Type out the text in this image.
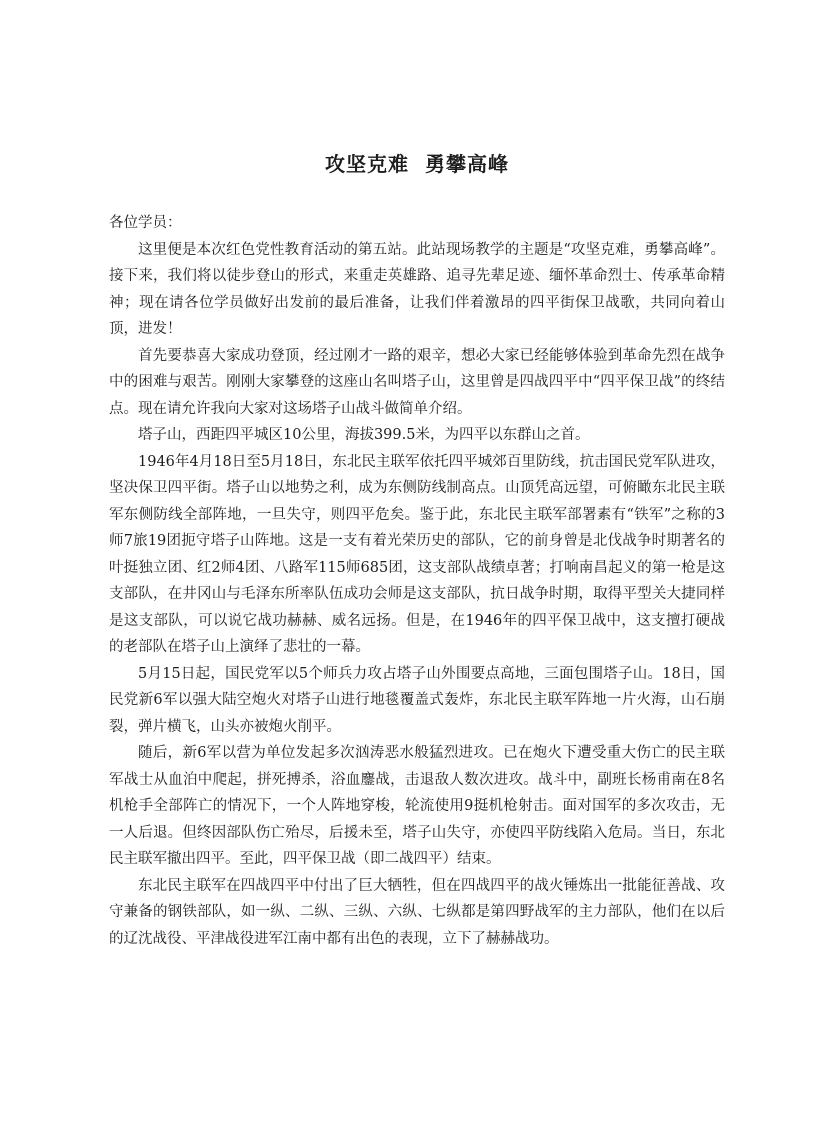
攻坚克难  勇攀高峰

各位学员：

这里便是本次红色党性教育活动的第五站。此站现场教学的主题是“攻坚克难，勇攀高峰”。接下来，我们将以徒步登山的形式，来重走英雄路、追寻先辈足迹、缅怀革命烈士、传承革命精神；现在请各位学员做好出发前的最后准备，让我们伴着激昂的四平街保卫战歌，共同向着山顶，进发！

首先要恭喜大家成功登顶，经过刚才一路的艰辛，想必大家已经能够体验到革命先烈在战争中的困难与艰苦。刚刚大家攀登的这座山名叫塔子山，这里曾是四战四平中“四平保卫战”的终结点。现在请允许我向大家对这场塔子山战斗做简单介绍。

塔子山，西距四平城区10公里，海拔399.5米，为四平以东群山之首。

1946年4月18日至5月18日，东北民主联军依托四平城郊百里防线，抗击国民党军队进攻，坚决保卫四平街。塔子山以地势之利，成为东侧防线制高点。山顶凭高远望，可俯瞰东北民主联军东侧防线全部阵地，一旦失守，则四平危矣。鉴于此，东北民主联军部署素有“铁军”之称的3师7旅19团扼守塔子山阵地。这是一支有着光荣历史的部队，它的前身曾是北伐战争时期著名的叶挺独立团、红2师4团、八路军115师685团，这支部队战绩卓著；打响南昌起义的第一枪是这支部队，在井冈山与毛泽东所率队伍成功会师是这支部队，抗日战争时期，取得平型关大捷同样是这支部队，可以说它战功赫赫、威名远扬。但是，在1946年的四平保卫战中，这支擅打硬战的老部队在塔子山上演绎了悲壮的一幕。

5月15日起，国民党军以5个师兵力攻占塔子山外围要点高地，三面包围塔子山。18日，国民党新6军以强大陆空炮火对塔子山进行地毯覆盖式轰炸，东北民主联军阵地一片火海，山石崩裂，弹片横飞，山头亦被炮火削平。

随后，新6军以营为单位发起多次汹涛恶水般猛烈进攻。已在炮火下遭受重大伤亡的民主联军战士从血泊中爬起，拼死搏杀，浴血鏖战，击退敌人数次进攻。战斗中，副班长杨甫南在8名机枪手全部阵亡的情况下，一个人阵地穿梭，轮流使用9挺机枪射击。面对国军的多次攻击，无一人后退。但终因部队伤亡殆尽，后援未至，塔子山失守，亦使四平防线陷入危局。当日，东北民主联军撤出四平。至此，四平保卫战（即二战四平）结束。

东北民主联军在四战四平中付出了巨大牺牲，但在四战四平的战火锤炼出一批能征善战、攻守兼备的钢铁部队，如一纵、二纵、三纵、六纵、七纵都是第四野战军的主力部队，他们在以后的辽沈战役、平津战役进军江南中都有出色的表现，立下了赫赫战功。
